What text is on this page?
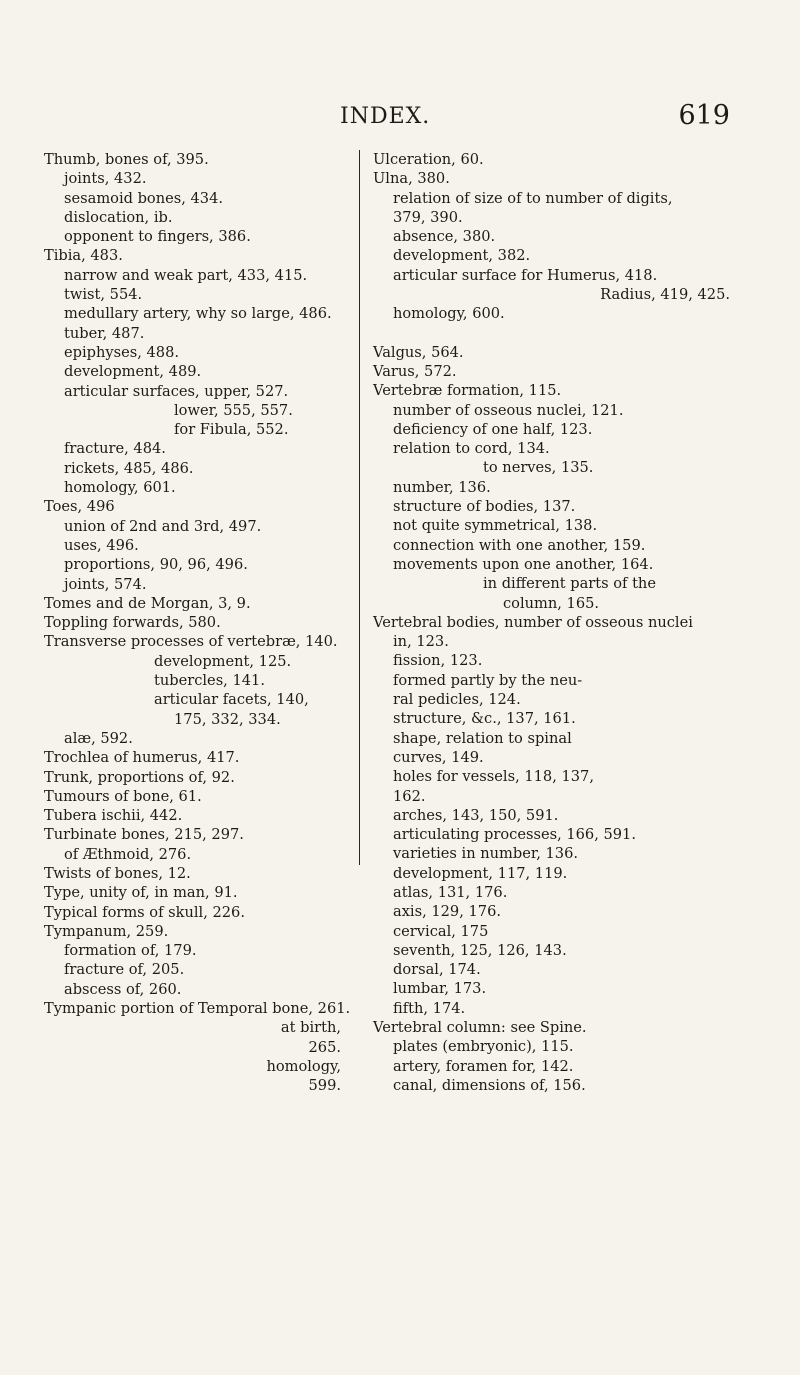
INDEX.	619
Thumb, bones of, 395.
joints, 432.
sesamoid bones, 434.
dislocation, ib.
opponent to fingers, 386.
Tibia, 483.
narrow and weak part, 433, 415.
twist, 554.
medullary artery, why so large, 486.
tuber, 487.
epiphyses, 488.
development, 489.
articular surfaces, upper, 527.
lower, 555, 557.
for Fibula, 552.
fracture, 484.
rickets, 485, 486.
homology, 601.
Toes, 496
union of 2nd and 3rd, 497.
uses, 496.
proportions, 90, 96, 496.
joints, 574.
Tomes and de Morgan, 3, 9.
Toppling forwards, 580.
Transverse processes of vertebræ, 140.
development, 125.
tubercles, 141.
articular facets, 140,
175, 332, 334.
alæ, 592.
Trochlea of humerus, 417.
Trunk, proportions of, 92.
Tumours of bone, 61.
Tubera ischii, 442.
Turbinate bones, 215, 297.
of Æthmoid, 276.
Twists of bones, 12.
Type, unity of, in man, 91.
Typical forms of skull, 226.
Tympanum, 259.
formation of, 179.
fracture of, 205.
abscess of, 260.
Tympanic portion of Temporal bone, 261.
at birth,
265.
homology,
599.
Ulceration, 60.
Ulna, 380.
relation of size of to number of digits,
379, 390.
absence, 380.
development, 382.
articular surface for Humerus, 418.
Radius, 419, 425.
homology, 600.
Valgus, 564.
Varus, 572.
Vertebræ formation, 115.
number of osseous nuclei, 121.
deficiency of one half, 123.
relation to cord, 134.
to nerves, 135.
number, 136.
structure of bodies, 137.
not quite symmetrical, 138.
connection with one another, 159.
movements upon one another, 164.
in different parts of the
column, 165.
Vertebral bodies, number of osseous nuclei
in, 123.
fission, 123.
formed partly by the neu-
ral pedicles, 124.
structure, &c., 137, 161.
shape, relation to spinal
curves, 149.
holes for vessels, 118, 137,
162.
arches, 143, 150, 591.
articulating processes, 166, 591.
varieties in number, 136.
development, 117, 119.
atlas, 131, 176.
axis, 129, 176.
cervical, 175
seventh, 125, 126, 143.
dorsal, 174.
lumbar, 173.
fifth, 174.
Vertebral column: see Spine.
plates (embryonic), 115.
artery, foramen for, 142.
canal, dimensions of, 156.
